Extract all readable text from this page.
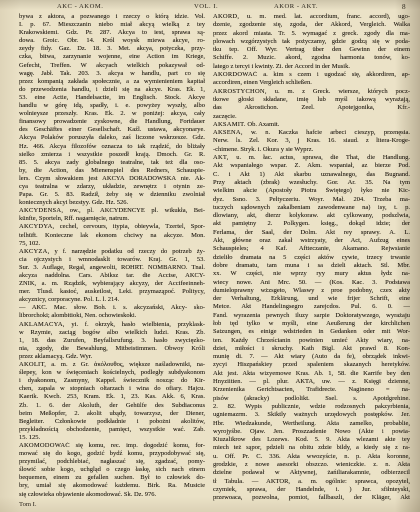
AKC - AKOM.	VOL. I.	AKOR - AKT.	8
bywa z aktora, a pozwanego i rzeczy o którą idzie. Vol.
I. p. 67. Mieszczanin niebo miał akcyą wielką z tey
Krakowskiemi. Gdz. Pr. 287. Akcya to iest, sprawa są-
dowa. Groic. Obr. 14. Król woysk miewa akcye, ro-
zeydy fidy. Gaz. Dz. 18. 3. Met. akcya, potyczka, przy-
czka, bitwa, zarzynanie wojenne, eine Action im Kriege,
Gefecht, Treffen. W akcyach wielkich pokazywał od-
wagę. Jabł. Tak. 203. 3. akcya w handlu, part co się
przez kompanią zakłada społecznie, a za wymienieniem kapitał
do przewodzenia handlu, i dzieli się na akcye. Kras. Ek. 1,
53. eine Actie, Handelsactie, im Englisch. Stock. Akcye
handlu w górę idą, spadły, i. e. powyżey wyszły, albo
wolnieysze przeszły. Kras. Ek. 2. w poniżej: akcya, cały
finansowy prowadzenie zyskowne, die Handlung, Fortdauer
des Geschäftes einer Gesellschaft. Kaźl. ustawa, akcyonarye.
Akcya Polaków poruszyła daleko, zaś liczone wskrzesze. Gdz.
Hz. 466. Akcya filozofów oznacza to iak rządzić, do bliżały
sielko zmierza i wszystkie poszedł krają. Dmoch. Gr. R.
85. 5. akcya zady globalnego teatralne, tak też dla oso-
by, die Action, das Mienenspiel des Redners, Schauspie-
lers. Czym słowakiem jest AKCYA DORADOWSKA nie. Ak-
cya teatralna w zdarzy, układzie, zewnętrz i otynin ze-
Papa. Gr. 5. 83. Radził, żeby się w dzienniku zwolniał
koniecznych akcyi bezstyy. Gdz. Hz. 526.
AKCYDENSA, ow., pl. AKCYDENCYE pl. wikukła, Bei-
künfte, Sporteln, Rff. nagarnięcie, natrum.
AKCYDYA, cechel, cervours, itypia, obieywla, Tzertel, Spor-
telhüft. Konieczne lak ekonom chciwy na akcyze. Mon.
75, 102.
AKCYZA, y f. narzędzie podatku od rzeczy do potrzeb ży-
cia ojczystych i wmnodasklt towarów. Kraj. Gr. 1, 53.
Sur. 3. Auflage, Regal, angewolti, ROHRT. NOMBARNO. Tnal.
akcyza naddolna. Cars. Abiksz tar. die Accise, AKCY-
ZNIK, a. m. Rządzik, wybierający akcyzy, der Accifeeinneh-
mer. Tlusd. kasioć, auskeilost, Leki. przymaząpoć. Politycy,
akcyznicy, corporacyne. Pol. L. l. 214.
— AKC. Mac. słow. Boh. i. s. akcyzański, Akcy- sko-
librorchoki; alombitioki, Nen. ochowieskoki.
AKLAMACYA, yi. f. okrzyk, hasło wielbienia, przyklask-
w Rzymie, zaciąg bogów albo wielkich ludzi. Kras. Zb.
1, 18. das Zurufen, Beyfallsrufung. 3. hasło zwycięzko-
nia, zgody, die Bewahlung, Mitbeistimmen. Obwoy Króli
przez aklamacyą. Gdz. Wyr.
AKOLIT, a. m. z Gr. ἀκόλουθος, większe naśladowniki, na-
ślepey, kon w święceniach kościelnych, podległy subdyakonom
i dyakonom, Zasmyny, Kappel. świecznik nosząc do Kir-
chen, zapala w stopniach ołtarzach i wina do ofiary. Hajcu.
Kaerik. Kwch. 253, Kram. Ek. 1, 23. Kas. Akk. 6, Kras.
Zb. 1. 6. der Akoluth, der Gehülfe des Subdiaconus
beim Meßopfer, 2. akolit ubądy, towarzysz, der Diener,
Begleiter. Członkowie podkładnie i pobożni akolitów,
przykładnością obchodzenie, pamięci, wszystkie wać. Zab.
15. 125.
AKOMODOWAĆ się komu, rec. imp. dogodzić komu, for-
mować się do kogo, godzić bydź komu, przypodobywać się,
przymilać, podchlebiać, nagłaszać się, zgadzać, pomy-
ślowić sobie kogo, uchgląd o czego łaskę, sich nach einem
bequemen, einem zu gefallen suchen. Był to człowiek do-
bry, umiał się akomodować każdemu. Birk. Ra. Musicie
się człowieka objawienie akomodować. Sk. Dz. 976.
AKORD, u. m. med. lat. accordium, franc. accord), ugo-
dzenie, zgodzenie się, zgoda, der Akkord, Vergleich. Walka
przez akord miasta. Tr. 5. wymagać z greck. zgody dla ma-
plowach wzgórzystych tak pożyczamy, gdzie godzą się w poda-
tku tep. Off. Wyr. Vertrag über den Gewinn der einem
Schiffe. 2. Muzic. akord, zgodna harmonia tonów, ko-
latego z tercyi i kwinty. Zi. der Accord in der Musik.
AKORDOWAĆ a. kim s czem i ugodzać się, akkordiren, ap-
accordiren, einen Vergleich schließen.
AKROSTYCHON, u. m. z Greck. wiersze, których pocz-
tkowe głoski składane, imię lub myśl iakową wyrażają,
das Akrostichon. Zeel. Apotejgonika, Kfr.-
zaczęcie.
AKSAMIT. Ob. Axamit.
AKSENA, w. n. Kaczka hafcie arbeci cieszyp, przenęsia.
Nerw. ls. Zel. Kor. 3, j Kras. 16. siaud. z litera-Kroge-
-chimene. Stryk. i. Okura y sie Wyprz.
AKT, u. m. łac. actus, sprawa, die That, die Handlung.
Akt wspaniałego wspar. Z. Akm. wspaniał, az bierze Pod.
C. i Akt 1) Akt skarbu uznawalnego, das Bugnand.
Przy aktach (zbrak) wzesłuchy. Gor. Ar. 35. Na tym
wielkim akcie (Apostoły Piotra Świętego) łyko nie Kic-
dyz. Ssno. 3. Peltyczeriu. Woyr. Mał. 204. Trzeba ma-
tuczych sądownych zakalbeniam zawodenwane na) isy, t. p.
dlowiany, akt, dierzr kolykoraw. akt cylkowany, podszlwia,
akt pamiętny 2. Polkygen. księg., dokąd idzie; der
Ferlama, der Saal, der Dolm. Akt rey sprawy. A. L.
Akt, główne oraz zakał wstrzyaty, der Act, Aufzug eines
Schauspieles; 4 Kaf. Aftteczanie, Akamano. Rejwsianie
dzieliło dramata na 5 części aktów cywie, trzecy trwanie
dobre dramatu, tam muna i sa dzieli aktach. Stl. Mbr.
xx. W części, nie wprzy ryy mury aktus łydz na-
wiecy nowe. Ani Mrc. 50. — (Kos. Kac. 3. Podstawa
dumieloprawny wżzsgeto, Wlaswy z proe podobny, czex akty
der Verhaltung, Erklärung, und wie frijer Schrift, eine
Metce. Akt Handelingsegro zarejcdos. Pul. 6. 0. —
Fand. wyrazenia pewnych iluzy sarpie Doktoratywzego, wyrażaju
łob tęd tylko w myśli, eine Aeußerung der kirchlichen
Satzungen, es einige wdstrieden in Gedanken oder mit Wor-
ten. Każdy Chrześcianin powinien umieć Akty wiary, na-
dziei, miłości i skruchy. Kath Bigl. Akt prawd 8. Kon-
munię di. 7. — Akt wiary (Auto da fe), obrządek inkwi-
zycyi Hiszpańskiey przed spaleniem skazanych heretyków.
Akt jest. Akta wizyemowe Kras. Ab. 1, 58. die Karrife bey den
Hnyziitien. — pl. plur. AKTA, uw. — z. Księgi dzienne,
Krzenienika Gerichtsacten, Trafidrecte. Nagineno = na-
pisów (akracky) podlolikt. Ssel. s. Apotdgrehine.
2. 82. Wypis publicznie, wdzie rodzosnych pakzyrbienia,
ugniemazrm. 3. Skiktly ważnych urzędowych postępków. Jer.
Hbr. Wiedzakunde, Wertheilung. Akta zamelko, probablie,
wyrojyśbe. Ojaw. Jen. Proszzadenie Nowo (Akte i powia-
Kiuzalikrow des Lozews. Kod. 5. 9. Akta wlezami akte tey
miech też sąpor, pdzieli na obitu zdzie bildy, a kiedy się z ra-
u. Off. Pr. C. 336. Akta wwozyście, n. p. Akta koronne,
grodzkie, z nowe asesorki obszczo. wieniczkie. z. n. Akta
dzielne podawał w Aktywnej, żańiliarakamnie, odbierzecil
tł Tabula. — AKTOR, a. m. ogólnie: sprawca, opozytel,
czymiek, sprawa, der Handelnde, i. ) Jur. sfiłnteyski,
przewoaca, pozwolna, pomiot, fallbaszli, der Kläger, Akt
Tom I.
